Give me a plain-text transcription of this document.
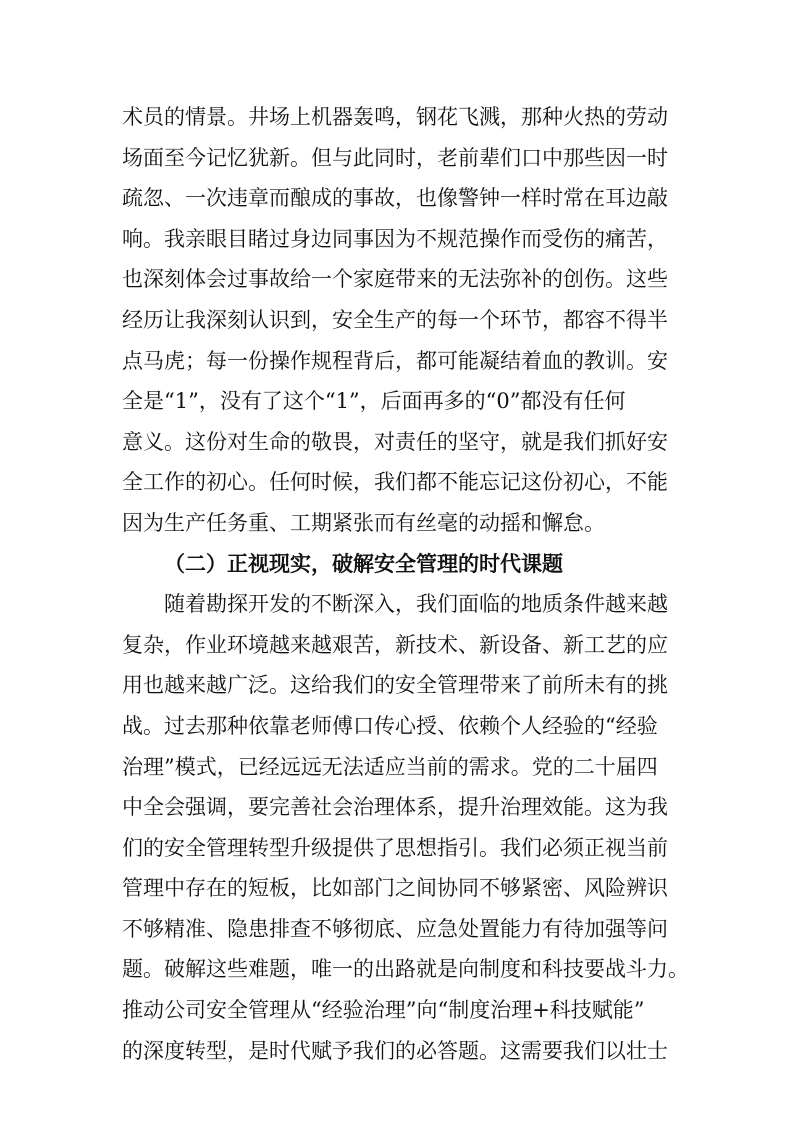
术员的情景。井场上机器轰鸣，钢花飞溅，那种火热的劳动
场面至今记忆犹新。但与此同时，老前辈们口中那些因一时
疏忽、一次违章而酿成的事故，也像警钟一样时常在耳边敲
响。我亲眼目睹过身边同事因为不规范操作而受伤的痛苦，
也深刻体会过事故给一个家庭带来的无法弥补的创伤。这些
经历让我深刻认识到，安全生产的每一个环节，都容不得半
点马虎；每一份操作规程背后，都可能凝结着血的教训。安
全是“1”，没有了这个“1”，后面再多的“0”都没有任何
意义。这份对生命的敬畏，对责任的坚守，就是我们抓好安
全工作的初心。任何时候，我们都不能忘记这份初心，不能
因为生产任务重、工期紧张而有丝毫的动摇和懈怠。
（二）正视现实，破解安全管理的时代课题
随着勘探开发的不断深入，我们面临的地质条件越来越
复杂，作业环境越来越艰苦，新技术、新设备、新工艺的应
用也越来越广泛。这给我们的安全管理带来了前所未有的挑
战。过去那种依靠老师傅口传心授、依赖个人经验的“经验
治理”模式，已经远远无法适应当前的需求。党的二十届四
中全会强调，要完善社会治理体系，提升治理效能。这为我
们的安全管理转型升级提供了思想指引。我们必须正视当前
管理中存在的短板，比如部门之间协同不够紧密、风险辨识
不够精准、隐患排查不够彻底、应急处置能力有待加强等问
题。破解这些难题，唯一的出路就是向制度和科技要战斗力。
推动公司安全管理从“经验治理”向“制度治理+科技赋能”
的深度转型，是时代赋予我们的必答题。这需要我们以壮士
